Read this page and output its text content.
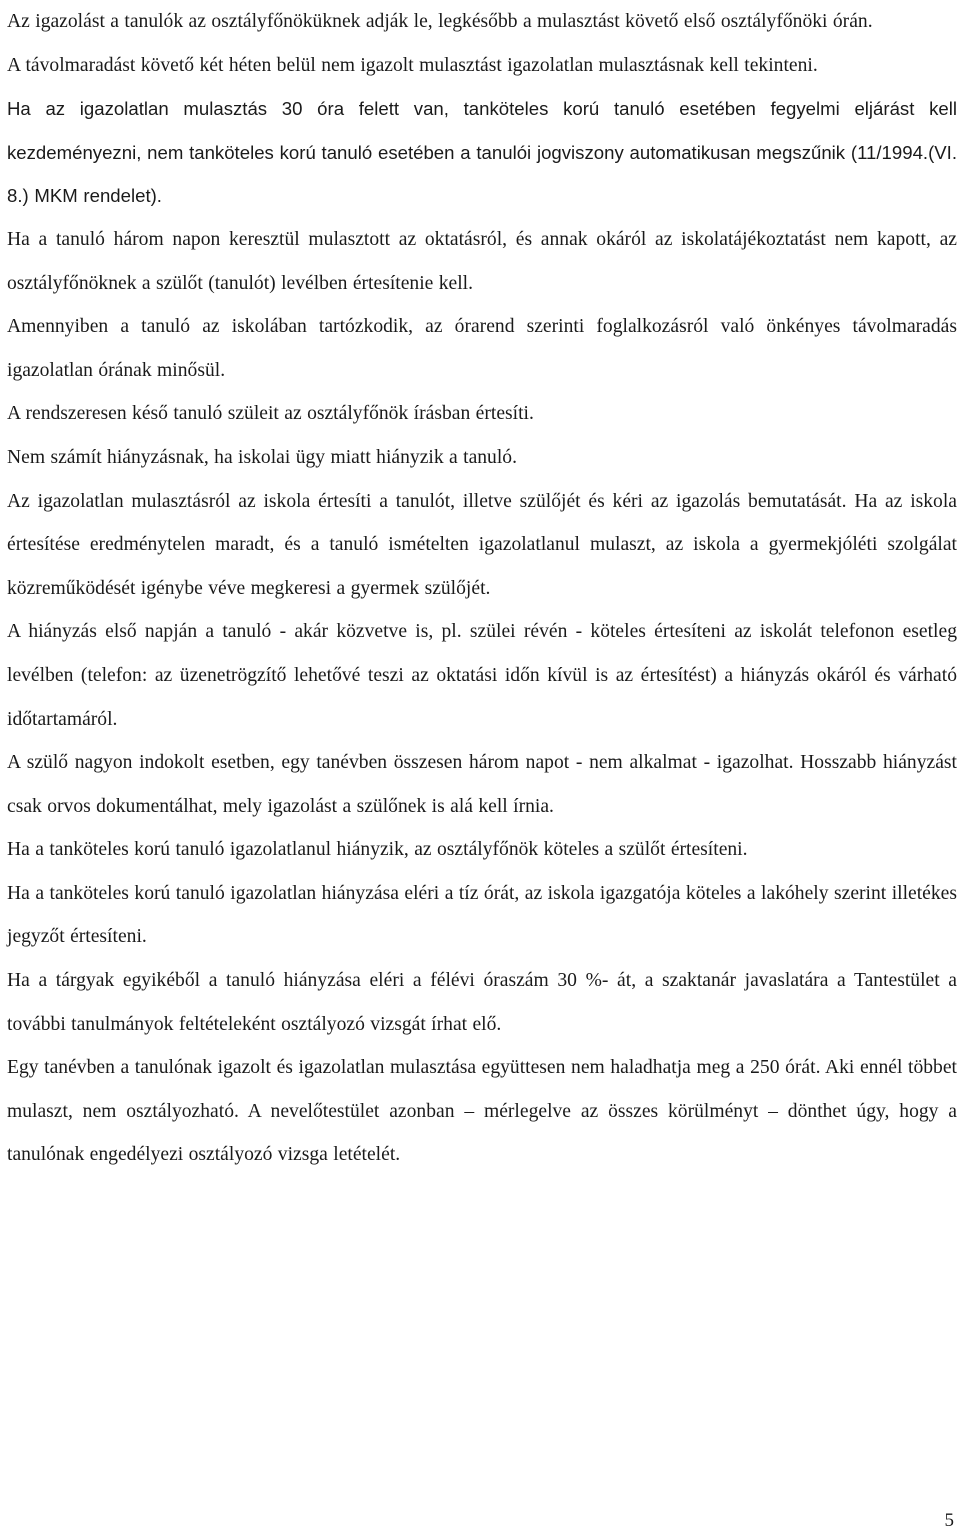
Az igazolást a tanulók az osztályfőnöküknek adják le, legkésőbb a mulasztást követő első osztályfőnöki órán.

A távolmaradást követő két héten belül nem igazolt mulasztást igazolatlan mulasztásnak kell tekinteni.

Ha az igazolatlan mulasztás 30 óra felett van, tanköteles korú tanuló esetében fegyelmi eljárást kell kezdeményezni, nem tanköteles korú tanuló esetében a tanulói jogviszony automatikusan megszűnik (11/1994.(VI. 8.) MKM rendelet).

Ha a tanuló három napon keresztül mulasztott az oktatásról, és annak okáról az iskolatájékoztatást nem kapott, az osztályfőnöknek a szülőt (tanulót) levélben értesítenie kell.

Amennyiben a tanuló az iskolában tartózkodik, az órarend szerinti foglalkozásról való önkényes távolmaradás igazolatlan órának minősül.

A rendszeresen késő tanuló szüleit az osztályfőnök írásban értesíti.

Nem számít hiányzásnak, ha iskolai ügy miatt hiányzik a tanuló.

Az igazolatlan mulasztásról az iskola értesíti a tanulót, illetve szülőjét és kéri az igazolás bemutatását. Ha az iskola értesítése eredménytelen maradt, és a tanuló ismételten igazolatlanul mulaszt, az iskola a gyermekjóléti szolgálat közreműködését igénybe véve megkeresi a gyermek szülőjét.

A hiányzás első napján a tanuló - akár közvetve is, pl. szülei révén - köteles értesíteni az iskolát telefonon esetleg levélben (telefon: az üzenetrögzítő lehetővé teszi az oktatási időn kívül is az értesítést) a hiányzás okáról és várható időtartamáról.

A szülő nagyon indokolt esetben, egy tanévben összesen három napot - nem alkalmat - igazolhat. Hosszabb hiányzást csak orvos dokumentálhat, mely igazolást a szülőnek is alá kell írnia.

Ha a tanköteles korú tanuló igazolatlanul hiányzik, az osztályfőnök köteles a szülőt értesíteni.

Ha a tanköteles korú tanuló igazolatlan hiányzása eléri a tíz órát, az iskola igazgatója köteles a lakóhely szerint illetékes jegyzőt értesíteni.

Ha a tárgyak egyikéből a tanuló hiányzása eléri a félévi óraszám 30 %- át, a szaktanár javaslatára a Tantestület a további tanulmányok feltételeként osztályozó vizsgát írhat elő.

Egy tanévben a tanulónak igazolt és igazolatlan mulasztása együttesen nem haladhatja meg a 250 órát. Aki ennél többet mulaszt, nem osztályozható. A nevelőtestület azonban – mérlegelve az összes körülményt – dönthet úgy, hogy a tanulónak engedélyezi osztályozó vizsga letételét.

5
